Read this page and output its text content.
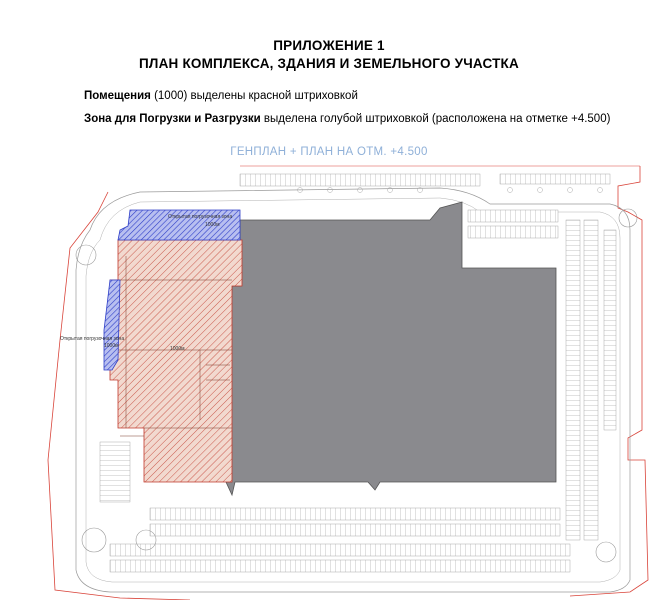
ПРИЛОЖЕНИЕ 1
ПЛАН КОМПЛЕКСА, ЗДАНИЯ И ЗЕМЕЛЬНОГО УЧАСТКА
Помещения (1000) выделены красной штриховкой
Зона для Погрузки и Разгрузки выделена голубой штриховкой (расположена на отметке +4.500)
ГЕНПЛАН + ПЛАН НА ОТМ. +4.500
Открытая погрузочная зона
1000м
Открытая погрузочная зона
1000м	1000м
